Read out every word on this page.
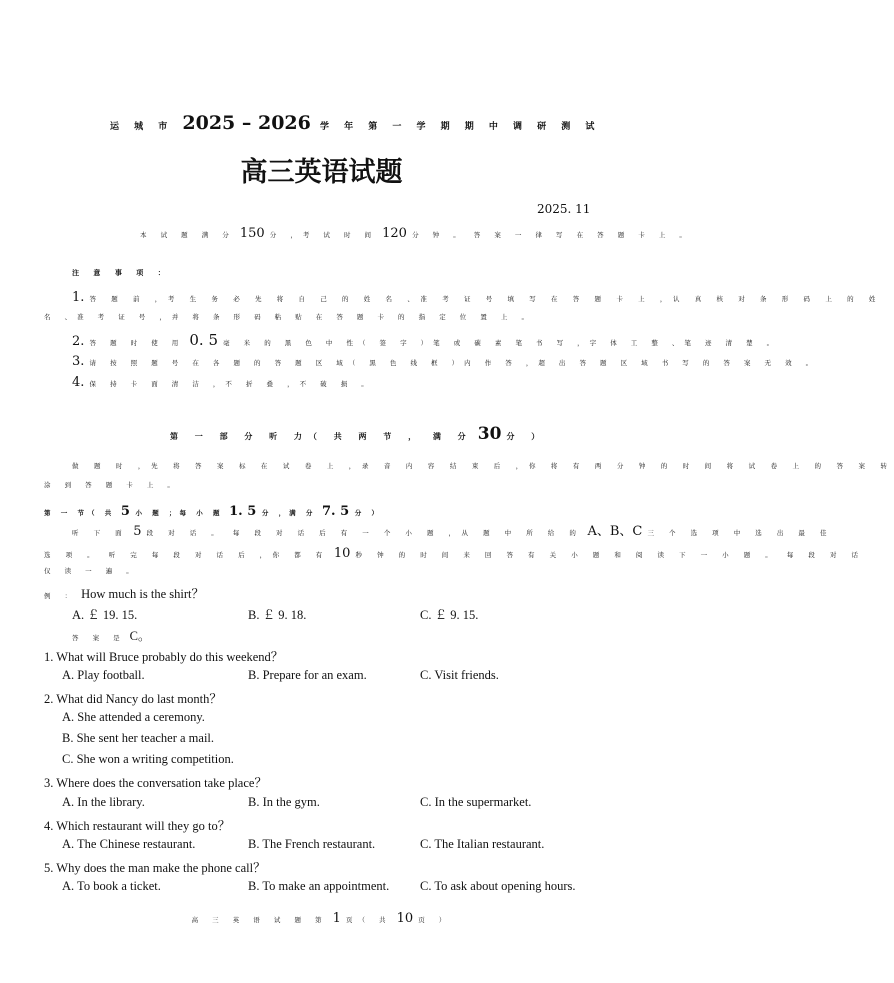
运 城 市 2025 – 2026 学 年 第 一 学 期 期 中 调 研 测 试
高三英语试题
2025. 11
本 试 题 满 分 150 分 ，考 试 时 间 120 分 钟 。 答 案 一 律 写 在 答 题 卡 上 。
注 意 事 项 ：
1. 答 题 前 ，考 生 务 必 先 将 自 己 的 姓 名 、准 考 证 号 填 写 在 答 题 卡 上 ，认 真 核 对 条 形 码 上 的 姓
名 、准 考 证 号 ，并 将 条 形 码 粘 贴 在 答 题 卡 的 指 定 位 置 上 。
2. 答 题 时 使 用 0. 5 毫 米 的 黑 色 中 性（ 签 字 ）笔 或 碳 素 笔 书 写 ，字 体 工 整 、笔 迹 清 楚 。
3. 请 按 照 题 号 在 各 题 的 答 题 区 域（ 黑 色 线 框 ）内 作 答 ，超 出 答 题 区 域 书 写 的 答 案 无 效 。
4. 保 持 卡 面 清 洁 ，不 折 叠 ，不 破 损 。
第 一 部 分 听 力（ 共 两 节 ， 满 分 30 分 ）
做 题 时 ，先 将 答 案 标 在 试 卷 上 ，录 音 内 容 结 束 后 ，你 将 有 两 分 钟 的 时 间 将 试 卷 上 的 答 案 转
涂 到 答 题 卡 上 。
第 一 节（ 共 5 小 题 ；每 小 题 1. 5 分 ，满 分 7. 5 分 ）
听 下 面 5 段 对 话 。 每 段 对 话 后 有 一 个 小 题 ，从 题 中 所 给 的 A、B、C 三 个 选 项 中 选 出 最 佳
选 项 。 听 完 每 段 对 话 后 ，你 都 有 10 秒 钟 的 时 间 来 回 答 有 关 小 题 和 阅 读 下 一 小 题 。 每 段 对 话
仅 读 一 遍 。
例 ： How much is the shirt？
A. ￡ 19. 15.	B. ￡ 9. 18.	C. ￡ 9. 15.
答 案 是 C。
1. What will Bruce probably do this weekend？
A. Play football.	B. Prepare for an exam.	C. Visit friends.
2. What did Nancy do last month？
A. She attended a ceremony.
B. She sent her teacher a mail.
C. She won a writing competition.
3. Where does the conversation take place？
A. In the library.	B. In the gym.	C. In the supermarket.
4. Which restaurant will they go to？
A. The Chinese restaurant.	B. The French restaurant.	C. The Italian restaurant.
5. Why does the man make the phone call？
A. To book a ticket.	B. To make an appointment. C. To ask about opening hours.
高 三 英 语 试 题 第 1 页（ 共 10 页 ）
